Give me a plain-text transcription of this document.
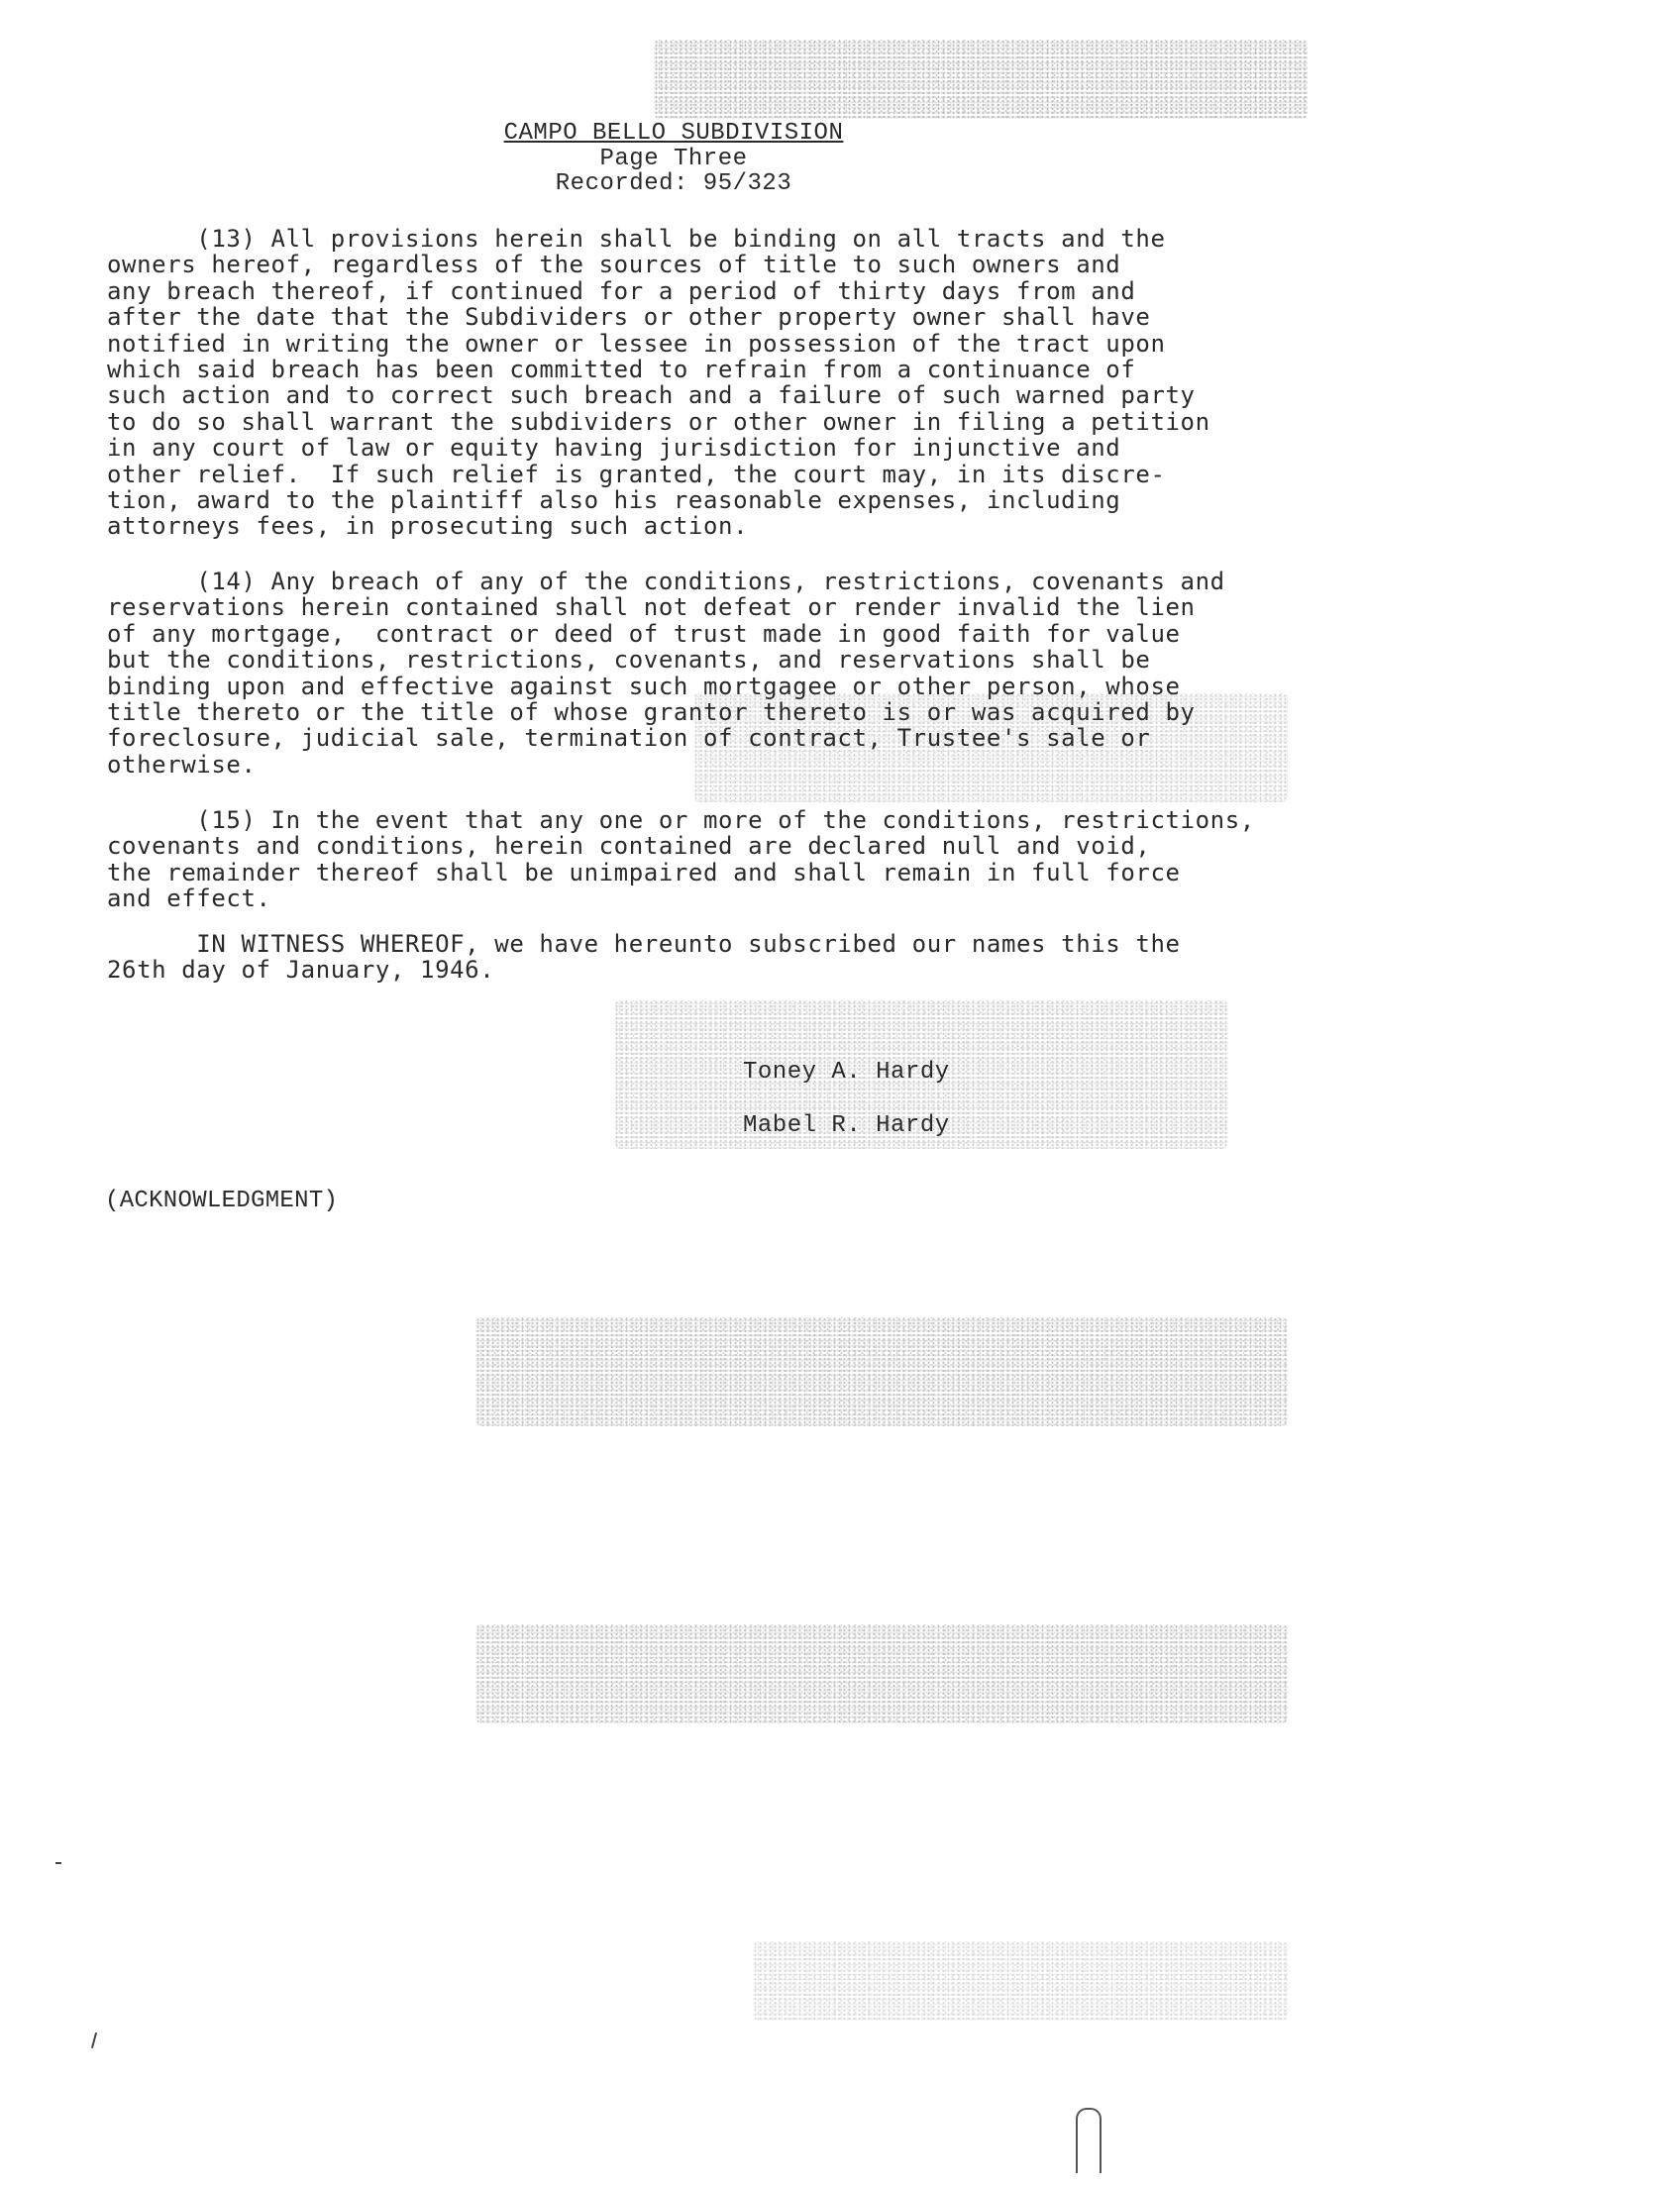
CAMPO BELLO SUBDIVISION
Page Three
Recorded: 95/323
(13) All provisions herein shall be binding on all tracts and the
owners hereof, regardless of the sources of title to such owners and
any breach thereof, if continued for a period of thirty days from and
after the date that the Subdividers or other property owner shall have
notified in writing the owner or lessee in possession of the tract upon
which said breach has been committed to refrain from a continuance of
such action and to correct such breach and a failure of such warned party
to do so shall warrant the subdividers or other owner in filing a petition
in any court of law or equity having jurisdiction for injunctive and
other relief.  If such relief is granted, the court may, in its discre-
tion, award to the plaintiff also his reasonable expenses, including
attorneys fees, in prosecuting such action.
(14) Any breach of any of the conditions, restrictions, covenants and
reservations herein contained shall not defeat or render invalid the lien
of any mortgage,  contract or deed of trust made in good faith for value
but the conditions, restrictions, covenants, and reservations shall be
binding upon and effective against such mortgagee or other person, whose
title thereto or the title of whose grantor thereto is or was acquired by
foreclosure, judicial sale, termination of contract, Trustee's sale or
otherwise.
(15) In the event that any one or more of the conditions, restrictions,
covenants and conditions, herein contained are declared null and void,
the remainder thereof shall be unimpaired and shall remain in full force
and effect.
IN WITNESS WHEREOF, we have hereunto subscribed our names this the
26th day of January, 1946.
Toney A. Hardy
Mabel R. Hardy
(ACKNOWLEDGMENT)
